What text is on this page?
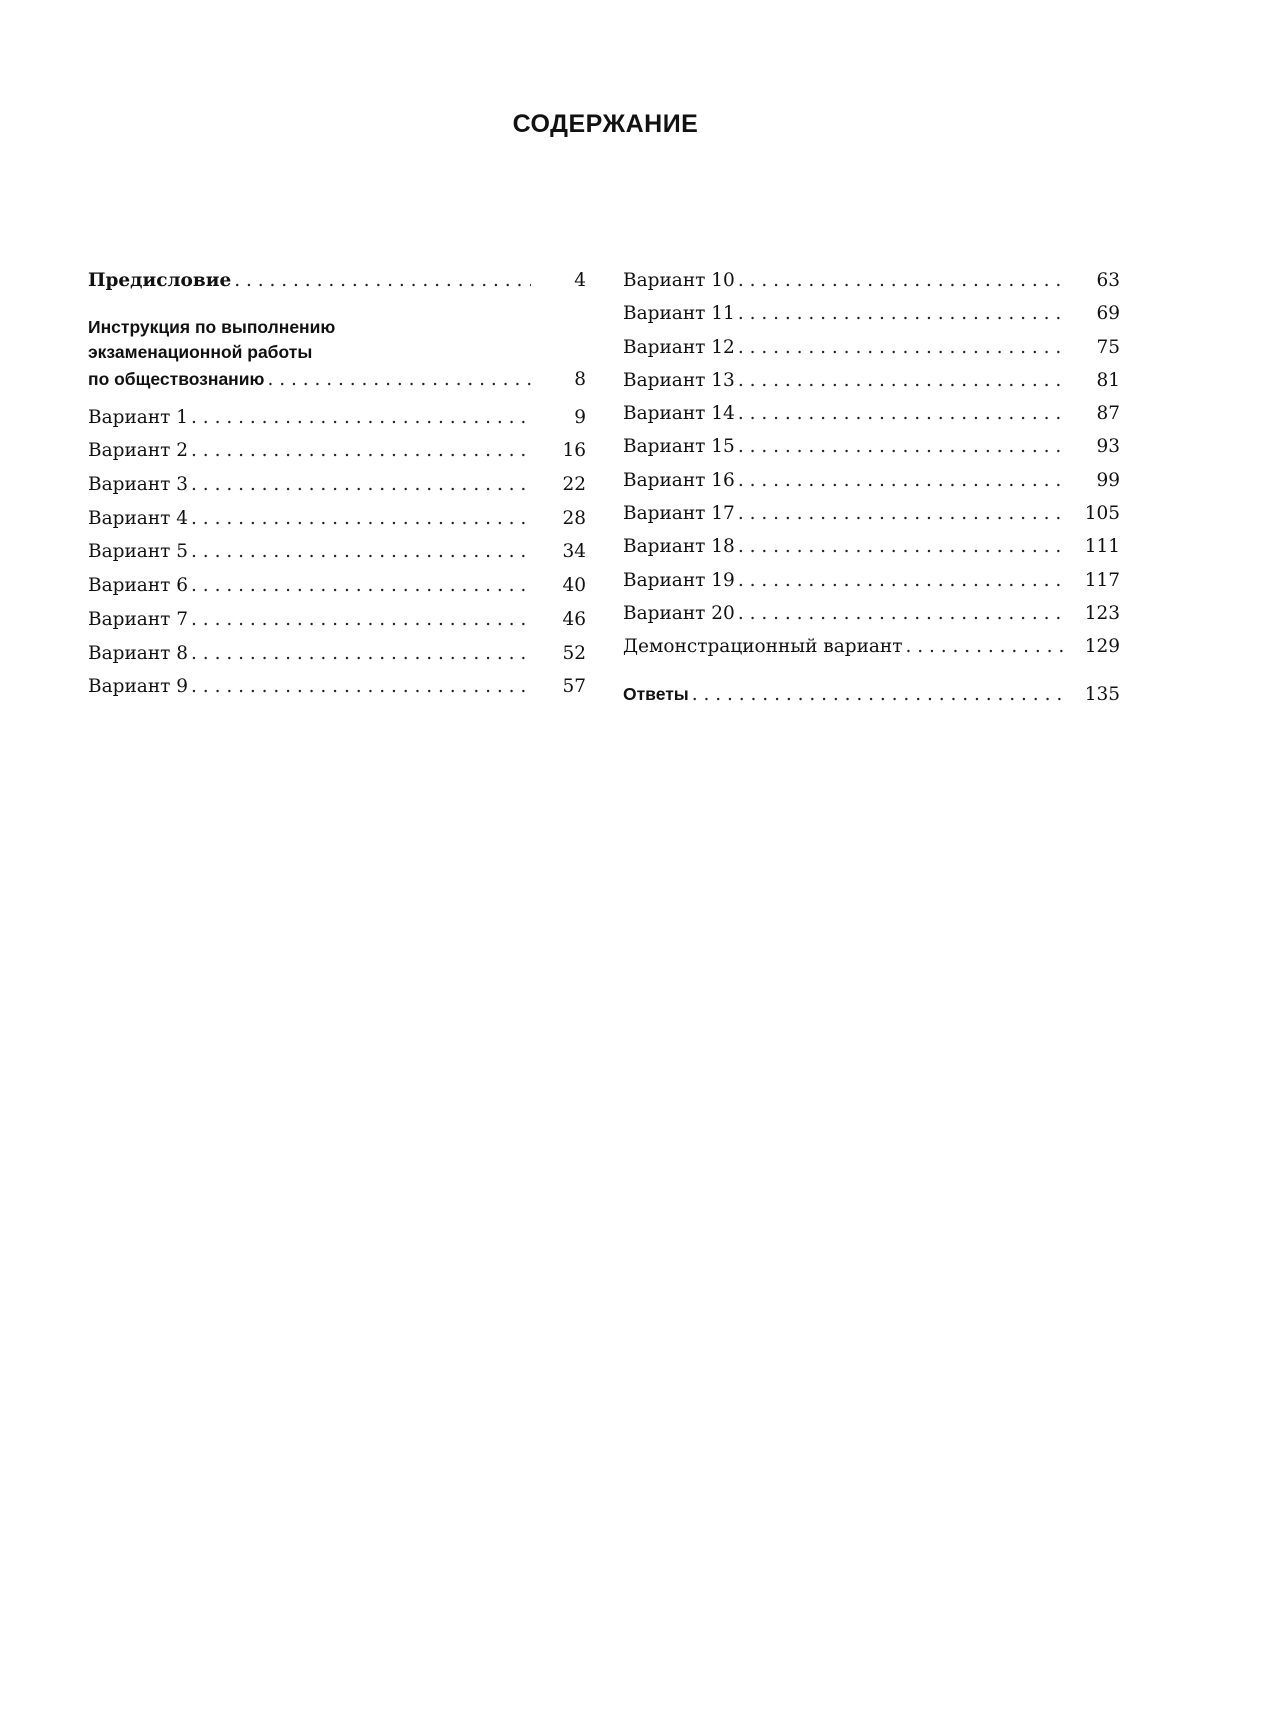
СОДЕРЖАНИЕ
Предисловие . . .	4
Инструкция по выполнению
экзаменационной работы
по обществознанию . . .	8
Вариант 1 . . .	9
Вариант 2 . . .	16
Вариант 3 . . .	22
Вариант 4 . . .	28
Вариант 5 . . .	34
Вариант 6 . . .	40
Вариант 7 . . .	46
Вариант 8 . . .	52
Вариант 9 . . .	57
Вариант 10 . . .	63
Вариант 11 . . .	69
Вариант 12 . . .	75
Вариант 13 . . .	81
Вариант 14 . . .	87
Вариант 15 . . .	93
Вариант 16 . . .	99
Вариант 17 . . .	105
Вариант 18 . . .	111
Вариант 19 . . .	117
Вариант 20 . . .	123
Демонстрационный вариант . . .	129
Ответы . . .	135
